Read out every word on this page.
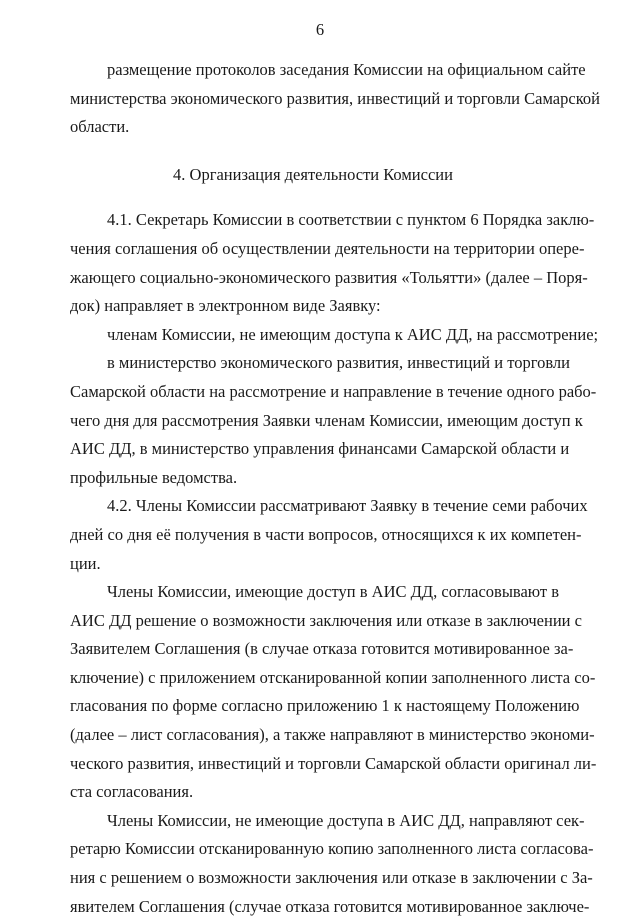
6
размещение протоколов заседания Комиссии на официальном сайте
министерства экономического развития, инвестиций и торговли Самарской
области.
4. Организация деятельности Комиссии
4.1. Секретарь Комиссии в соответствии с пунктом 6 Порядка заклю-
чения соглашения об осуществлении деятельности на территории опере-
жающего социально-экономического развития «Тольятти» (далее – Поря-
док) направляет в электронном виде Заявку:
членам Комиссии, не имеющим доступа к АИС ДД, на рассмотрение;
в министерство экономического развития, инвестиций и торговли
Самарской области на рассмотрение и направление в течение одного рабо-
чего дня для рассмотрения Заявки членам Комиссии, имеющим доступ к
АИС ДД, в министерство управления финансами Самарской области и
профильные ведомства.
4.2. Члены Комиссии рассматривают Заявку в течение семи рабочих
дней со дня её получения в части вопросов, относящихся к их компетен-
ции.
Члены Комиссии, имеющие доступ в АИС ДД, согласовывают в
АИС ДД решение о возможности заключения или отказе в заключении с
Заявителем Соглашения (в случае отказа готовится мотивированное за-
ключение) с приложением отсканированной копии заполненного листа со-
гласования по форме согласно приложению 1 к настоящему Положению
(далее – лист согласования), а также направляют в министерство экономи-
ческого развития, инвестиций и торговли Самарской области оригинал ли-
ста согласования.
Члены Комиссии, не имеющие доступа в АИС ДД, направляют сек-
ретарю Комиссии отсканированную копию заполненного листа согласова-
ния с решением о возможности заключения или отказе в заключении с За-
явителем Соглашения (случае отказа готовится мотивированное заключе-
